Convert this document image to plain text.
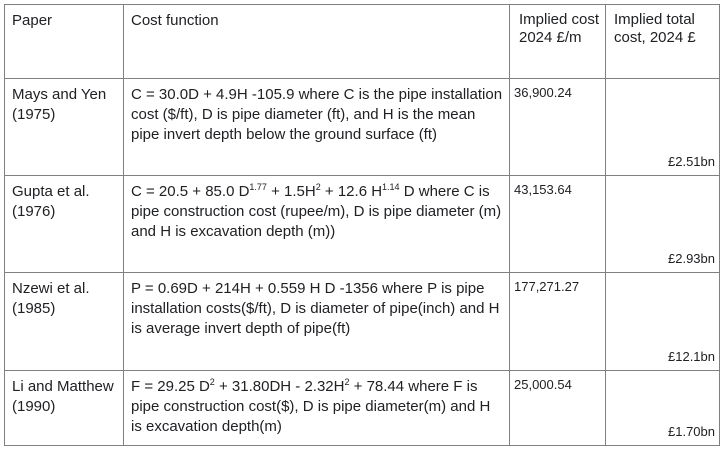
Paper	Cost function	Implied cost 2024 £/m	Implied total cost, 2024 £

Mays and Yen (1975)	C = 30.0D + 4.9H -105.9 where C is the pipe installation cost ($/ft), D is pipe diameter (ft), and H is the mean pipe invert depth below the ground surface (ft)	36,900.24	£2.51bn

Gupta et al. (1976)	C = 20.5 + 85.0 $D^{1.77} + 1.5H^2 + 12.6$ $H^{1.14}$ D where C is pipe construction cost (rupee/m), D is pipe diameter (m) and H is excavation depth (m))	43,153.64	£2.93bn

Nzewi et al. (1985)	P = 0.69D + 214H + 0.559 H D -1356 where P is pipe installation costs($/ft), D is diameter of pipe(inch) and H is average invert depth of pipe(ft)	177,271.27	£12.1bn

Li and Matthew (1990)	F = 29.25 $D^2 + 31.80DH - 2.32H^2 + 78.44$ where F is pipe construction cost($), D is pipe diameter(m) and H is excavation depth(m)	25,000.54	£1.70bn
